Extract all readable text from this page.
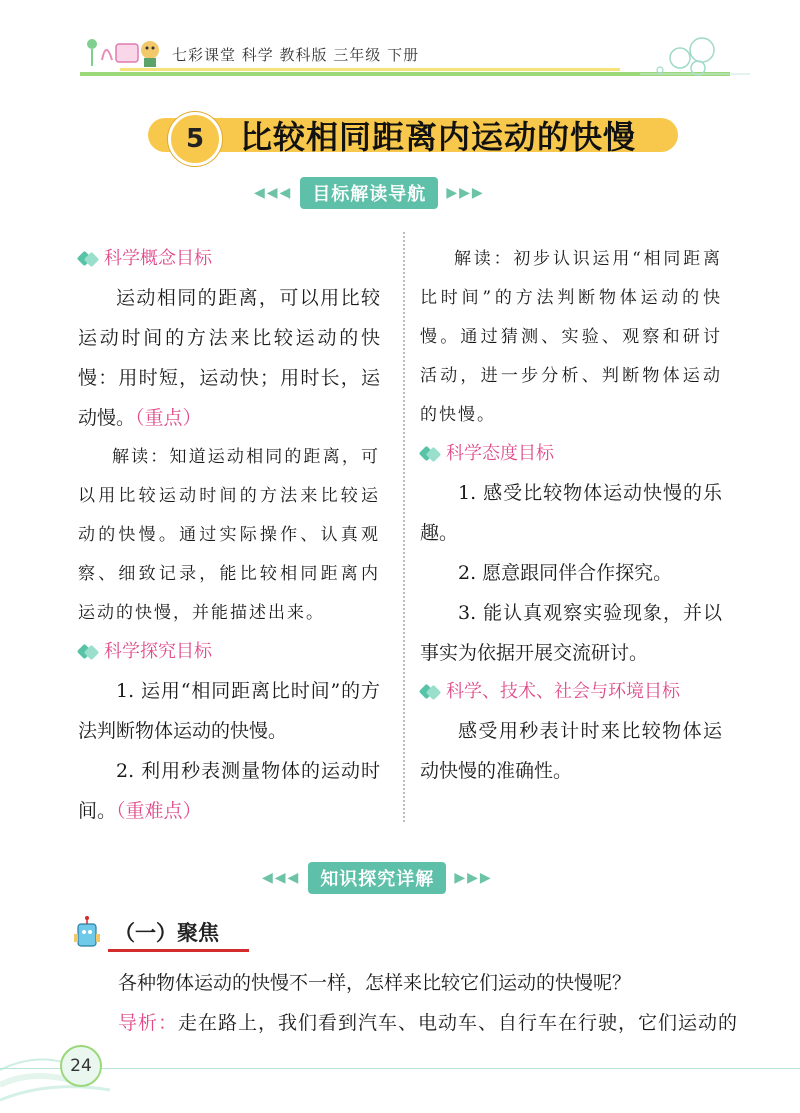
七彩课堂 科学 教科版 三年级 下册
5	比较相同距离内运动的快慢
◀◀◀	目标解读导航	▶▶▶
科学概念目标

运动相同的距离，可以用比较运动时间的方法来比较运动的快慢：用时短，运动快；用时长，运动慢。（重点）

解读：知道运动相同的距离，可以用比较运动时间的方法来比较运动的快慢。通过实际操作、认真观察、细致记录，能比较相同距离内运动的快慢，并能描述出来。

科学探究目标

1. 运用“相同距离比时间”的方法判断物体运动的快慢。

2. 利用秒表测量物体的运动时间。（重难点）

解读：初步认识运用“相同距离比时间”的方法判断物体运动的快慢。通过猜测、实验、观察和研讨活动，进一步分析、判断物体运动的快慢。

科学态度目标

1. 感受比较物体运动快慢的乐趣。

2. 愿意跟同伴合作探究。

3. 能认真观察实验现象，并以事实为依据开展交流研讨。

科学、技术、社会与环境目标

感受用秒表计时来比较物体运动快慢的准确性。

◀◀◀	知识探究详解	▶▶▶
（一）聚焦
各种物体运动的快慢不一样，怎样来比较它们运动的快慢呢？
导析：走在路上，我们看到汽车、电动车、自行车在行驶，它们运动的
24
